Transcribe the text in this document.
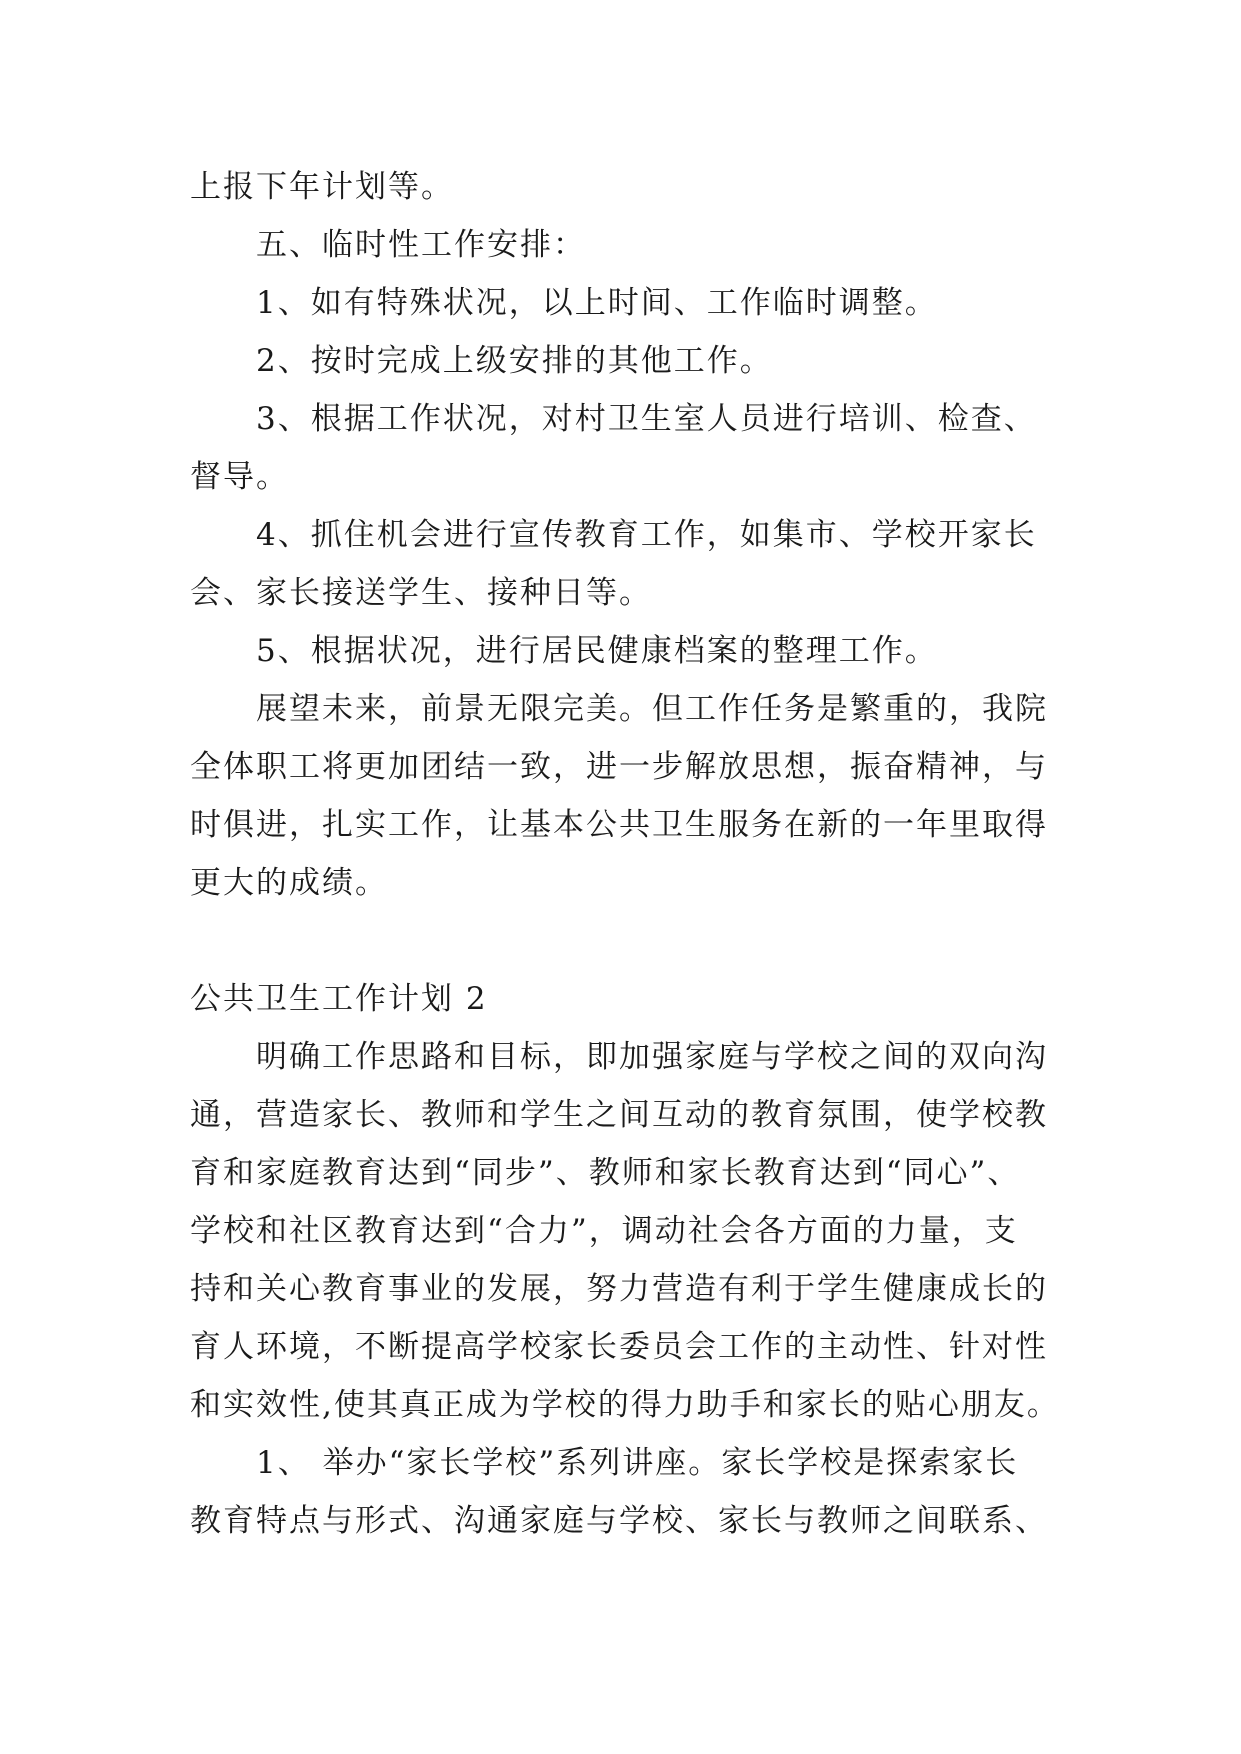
上报下年计划等。
五、临时性工作安排：
1、如有特殊状况，以上时间、工作临时调整。
2、按时完成上级安排的其他工作。
3、根据工作状况，对村卫生室人员进行培训、检查、
督导。
4、抓住机会进行宣传教育工作，如集市、学校开家长
会、家长接送学生、接种日等。
5、根据状况，进行居民健康档案的整理工作。
展望未来，前景无限完美。但工作任务是繁重的，我院
全体职工将更加团结一致，进一步解放思想，振奋精神，与
时俱进，扎实工作，让基本公共卫生服务在新的一年里取得
更大的成绩。
公共卫生工作计划 2
明确工作思路和目标，即加强家庭与学校之间的双向沟
通，营造家长、教师和学生之间互动的教育氛围，使学校教
育和家庭教育达到“同步”、教师和家长教育达到“同心”、
学校和社区教育达到“合力”，调动社会各方面的力量，支
持和关心教育事业的发展，努力营造有利于学生健康成长的
育人环境，不断提高学校家长委员会工作的主动性、针对性
和实效性,使其真正成为学校的得力助手和家长的贴心朋友。
1、 举办“家长学校”系列讲座。家长学校是探索家长
教育特点与形式、沟通家庭与学校、家长与教师之间联系、
